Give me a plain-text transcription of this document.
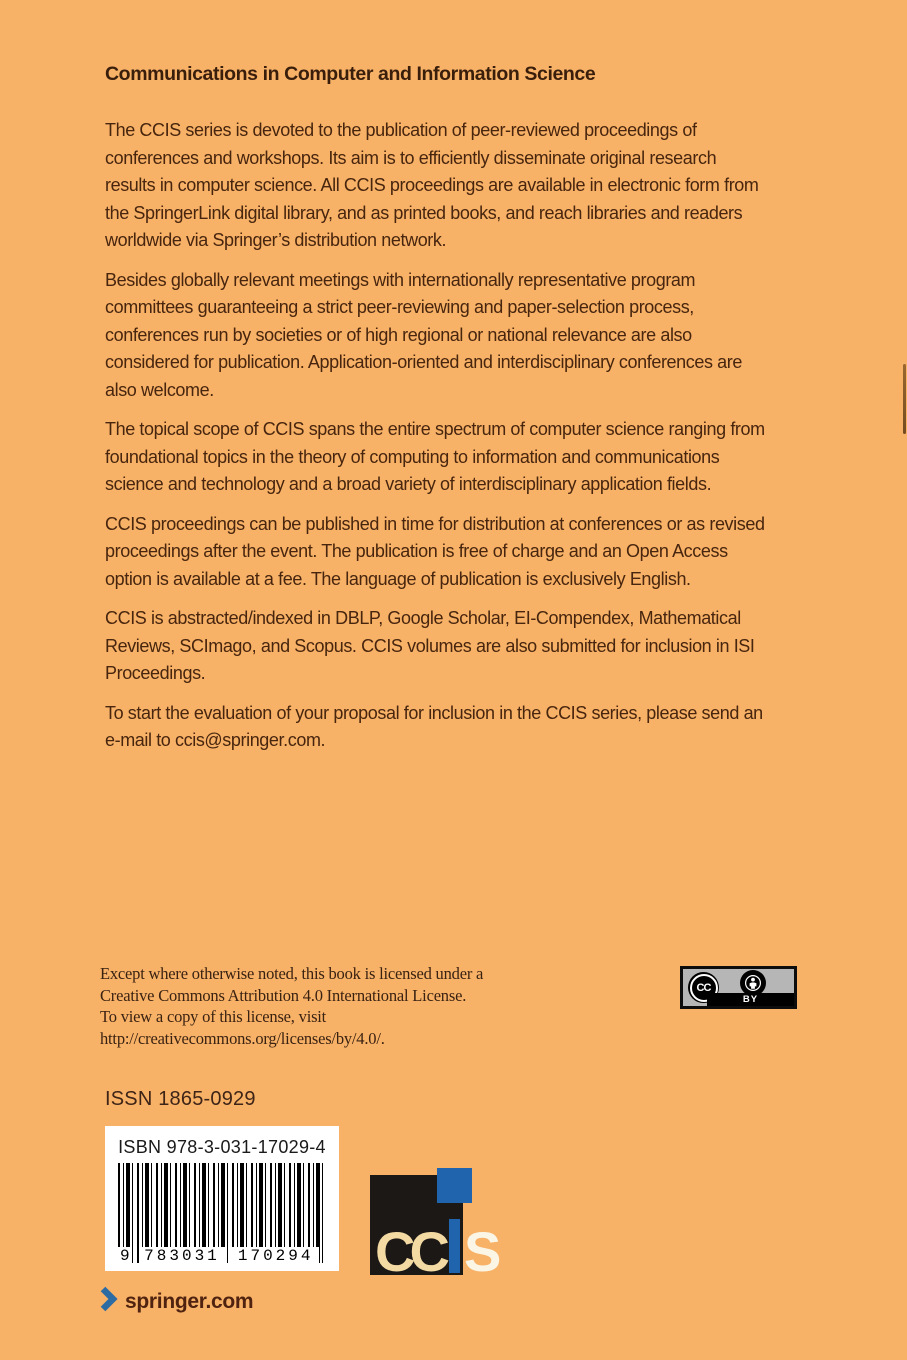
Communications in Computer and Information Science

The CCIS series is devoted to the publication of peer-reviewed proceedings of conferences and workshops. Its aim is to efficiently disseminate original research results in computer science. All CCIS proceedings are available in electronic form from the SpringerLink digital library, and as printed books, and reach libraries and readers worldwide via Springer’s distribution network.

Besides globally relevant meetings with internationally representative program committees guaranteeing a strict peer-reviewing and paper-selection process, conferences run by societies or of high regional or national relevance are also considered for publication. Application-oriented and interdisciplinary conferences are also welcome.

The topical scope of CCIS spans the entire spectrum of computer science ranging from foundational topics in the theory of computing to information and communications science and technology and a broad variety of interdisciplinary application fields.

CCIS proceedings can be published in time for distribution at conferences or as revised proceedings after the event. The publication is free of charge and an Open Access option is available at a fee. The language of publication is exclusively English.

CCIS is abstracted/indexed in DBLP, Google Scholar, EI-Compendex, Mathematical Reviews, SCImago, and Scopus. CCIS volumes are also submitted for inclusion in ISI Proceedings.

To start the evaluation of your proposal for inclusion in the CCIS series, please send an e-mail to ccis@springer.com.

Except where otherwise noted, this book is licensed under a
Creative Commons Attribution 4.0 International License.
To view a copy of this license, visit
http://creativecommons.org/licenses/by/4.0/.
CC
BY
ISSN 1865-0929
ISBN 978-3-031-17029-4
9 783031	170294 CC S
springer.com
